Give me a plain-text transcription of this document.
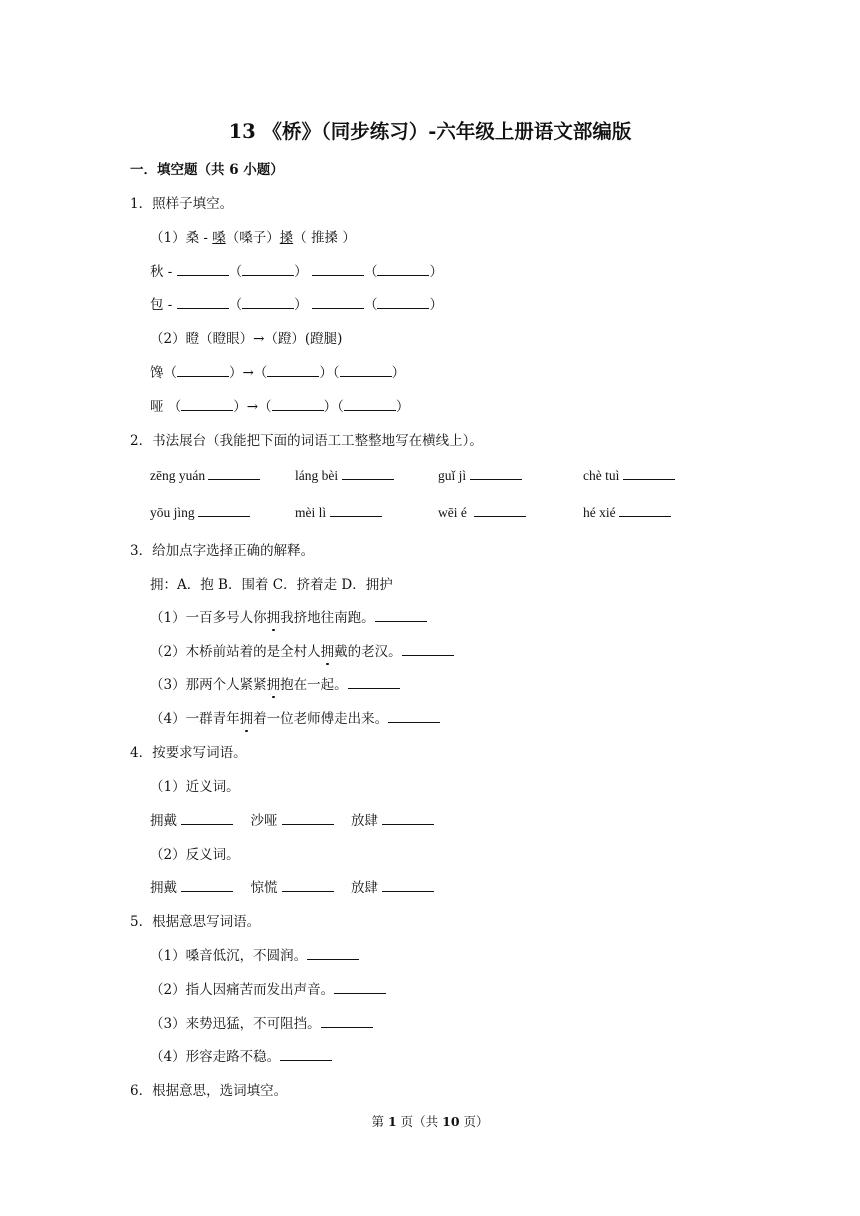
13 《桥》（同步练习）-六年级上册语文部编版
一．填空题（共 6 小题）
1．照样子填空。
（1）桑 - 嗓（嗓子）搡（ 推搡 ）
秋 -	（	）	（	）
包 -	（	）	（	）
（2）瞪（瞪眼）→（蹬）(蹬腿)
馋（	）→（	）（	）
哑 （	）→（	）（	）
2．书法展台（我能把下面的词语工工整整地写在横线上）。
zēng yuán	láng bèi	guǐ jì	chè tuì
yōu jìng	mèi lì	wēi é	hé xié
3．给加点字选择正确的解释。
拥：A．抱 B．围着 C．挤着走 D．拥护
（1）一百多号人你拥我挤地往南跑。
（2）木桥前站着的是全村人拥戴的老汉。
（3）那两个人紧紧拥抱在一起。
（4）一群青年拥着一位老师傅走出来。
4．按要求写词语。
（1）近义词。
拥戴	沙哑	放肆
（2）反义词。
拥戴	惊慌	放肆
5．根据意思写词语。
（1）嗓音低沉，不圆润。
（2）指人因痛苦而发出声音。
（3）来势迅猛，不可阻挡。
（4）形容走路不稳。
6．根据意思，选词填空。
第 1 页（共 10 页）
